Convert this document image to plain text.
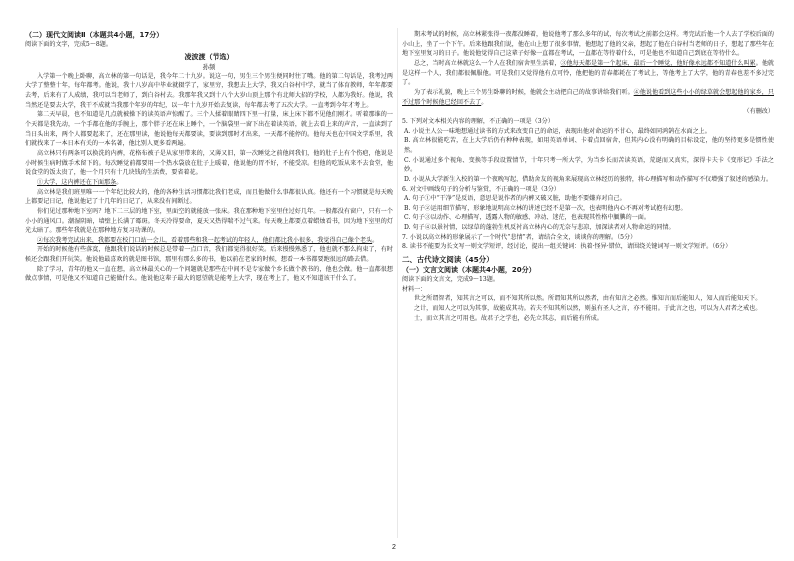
（二）现代文阅读Ⅱ（本题共4小题，17分）

阅读下面的文字，完成5～8题。

凌波渡（节选）

孙频

入学第一个晚上卧聊，高立林的第一句话是，我今年二十九岁。说这一句，男生三个男生便同时往了嘴。他的第二句话是，我考过两大学了整整十年，每年都考。他说，我十八岁高中毕业就辍学了，家里穷，我想去上大学，我又白谷村中学，就当了体育教师，年年都要去考，后来有了人成绩，我可以当老师了，到白谷村去。我那年我又到十八个大岁山顶上那个有北师大招的学校，人都为我好。他说，我当然还是要去大学，我干不成就当我那个年岁的年纪，以一年十九岁开始去复读，每年都去考了五次大学。一直考到今年才考上。

第二天早晨，也不知道是几点就被操下的读英语声惊醒了。三个人揉着眼睛四下里一打量，床上床下都不见他们刚才。听着那谁的一个天都是我先动，一个手都在他的手腕上，那个胖子还在床上睡个，一个脑袋里一窗下出在着读英语，就上去看上来的声音，一直读到了当日头出来，两个人都要起来了，还在那里读，他说他每天都要读，要读到那时才出来，一天都不能停的。他每天也在中国文学系里，我们就找来了一本日本有关的一本名著，他比别人更多看两遍。

高立林只有两条可以换洗的内裤，花格布被子是从家里带来的，又薄又旧，第一次睡觉之前他问我们，他的肚子上有个伤疤，他说是小时候生病时做手术留下的。每次睡觉前都要用一个热水袋放在肚子上暖着，他说他的胃不好，不能受凉。但他的吃饭从来不去食堂，他说食堂的饭太贵了，他一个月只有十几块钱的生活费，要省着花。

①大学，这内裤还在下面那条。

高立林是我们班里唯一一个年纪比较大的，他的各种生活习惯都比我们老成，而且他做什么事都很认真。他还有一个习惯就是每天晚上都要记日记，他说他记了十几年的日记了，从来没有间断过。

你们见过那种地下室吗？地下二三层的地下室，里面空的就能放一张床。我在那种地下室里住过好几年。一般都没有窗户，只有一个小小的通风口。潮湿阴暗，墙壁上长满了霉斑。冬天冷得要命，夏天又热得喘不过气来。每天晚上都要点着蜡烛看书，因为地下室里的灯光太暗了。那些年我就是在那种地方复习功课的。

②每次我考完试出来，我都要在校门口站一会儿，看着那些和我一起考试的年轻人，他们都比我小很多，我觉得自己像个老头。

开始的时候他有些落寞，他跟我们说话的时候总是带着一点口音，我们都觉得很好笑。后来慢慢熟悉了，他也就不那么拘束了，有时候还会跟我们开玩笑。他说他最喜欢的就是图书馆，那里有那么多的书，他以前在老家的时候，想看一本书都要跑很远的路去借。

除了学习，青年的他又一直在想，高立林最关心的一个问题就是那些在中间不是专家做个乡长做个教书的，他也会做。他一直都很想做点事情，可是他又不知道自己能做什么。他说他这辈子最大的愿望就是能考上大学，现在考上了，他又不知道该干什么了。

期末考试的时候，高立林紧张得一夜都没睡着，他说他考了那么多年的试，每次考试之前都会这样。考完试后他一个人去了学校后面的小山上，坐了一个下午。后来他跟我们说，他在山上想了很多事情，他想起了他的父亲，想起了他在白谷村当老师的日子，想起了那些年在地下室里复习的日子。他说他觉得自己这辈子好像一直都在考试，一直都在等待着什么，可是他也不知道自己到底在等待什么。

总之，当时高立林就这么一个人在我们宿舍里生活着，③他每天都是第一个起床，最后一个睡觉，他好像永远都不知道什么叫累。他就是这样一个人，我们都很佩服他。可是我们又觉得他有点可怜，他把他的青春都耗在了考试上，等他考上了大学，他的青春也差不多过完了。

为了表示礼貌，晚上三个男生卧聊的时候，他就会主动把自己的故事讲给我们听。④他说他看到这些小小的绿草就会想起他的家乡，只不过那个时候他已经回不去了。

（有删改）

5. 下列对文本相关内容的理解，不正确的一项是（3分）

A. 小说主人公一味地想通过读书的方式来改变自己的命运，表现出他对命运的不甘心，最终如同鸿鹄在水面之上。

B. 高立林很能吃苦，在上大学后仍有种种表现，如用英语单词、卡着点回宿舍，但其内心没有明确的目标设定，他的坚持更多是惯性使然。

C. 小说通过多个视角、变换等手段设置情节，十年只考一所大学，为当乡长而苦读英语，荒诞而又真实，深得卡夫卡《变形记》手法之妙。

D. 小说从大学新生入校的第一个夜晚写起，借助舍友的视角来展现高立林经历的独特，将心理描写和动作描写不仅增强了叙述的感染力。

6. 对文中画线句子的分析与鉴赏，不正确的一项是（3分）

A. 句子①中“干净”是反语，意思是说作者的内裤又破又脏，助他不要嫌弃对自己。

B. 句子②运用细节描写，形象地说明高立林的讲述已经不是第一次，也表明他内心不再对考试抱有幻想。

C. 句子③以动作、心理描写，透露人物的敏感、冲动、迷茫，也表现其性格中腼腆的一面。

D. 句子④以景衬情，以绿草的蓬勃生机反衬高立林内心的无奈与悲凉，加深读者对人物命运的同情。

7. 小说以高立林的形象展示了一个时代“悲情”者，请结合全文，谈谈你的理解。（5分）

8. 读书不能要为长文写一则文学短评，经讨论，提出一组关键词：执着·怪异·错位，请围绕关键词写一则文学短评。（6分）

二、古代诗文阅读（45分）
（一）文言文阅读（本题共4小题，20分）

阅读下面的文言文，完成9～13题。

材料一：

世之所谓智者，知其言之可以，而不知其所以然。所谓知其所以然者，由有知言之必然。惟知言而后能知人，知人而后能知天下。

之计，而知人之可以为其事，故能成其功。若夫不知其所以然，则虽有圣人之言，亦不能用。于此言之也，可以为人君者之戒也。

士，而立其言之可用也。故君子之学也，必先立其志，而后能有所成。

2
